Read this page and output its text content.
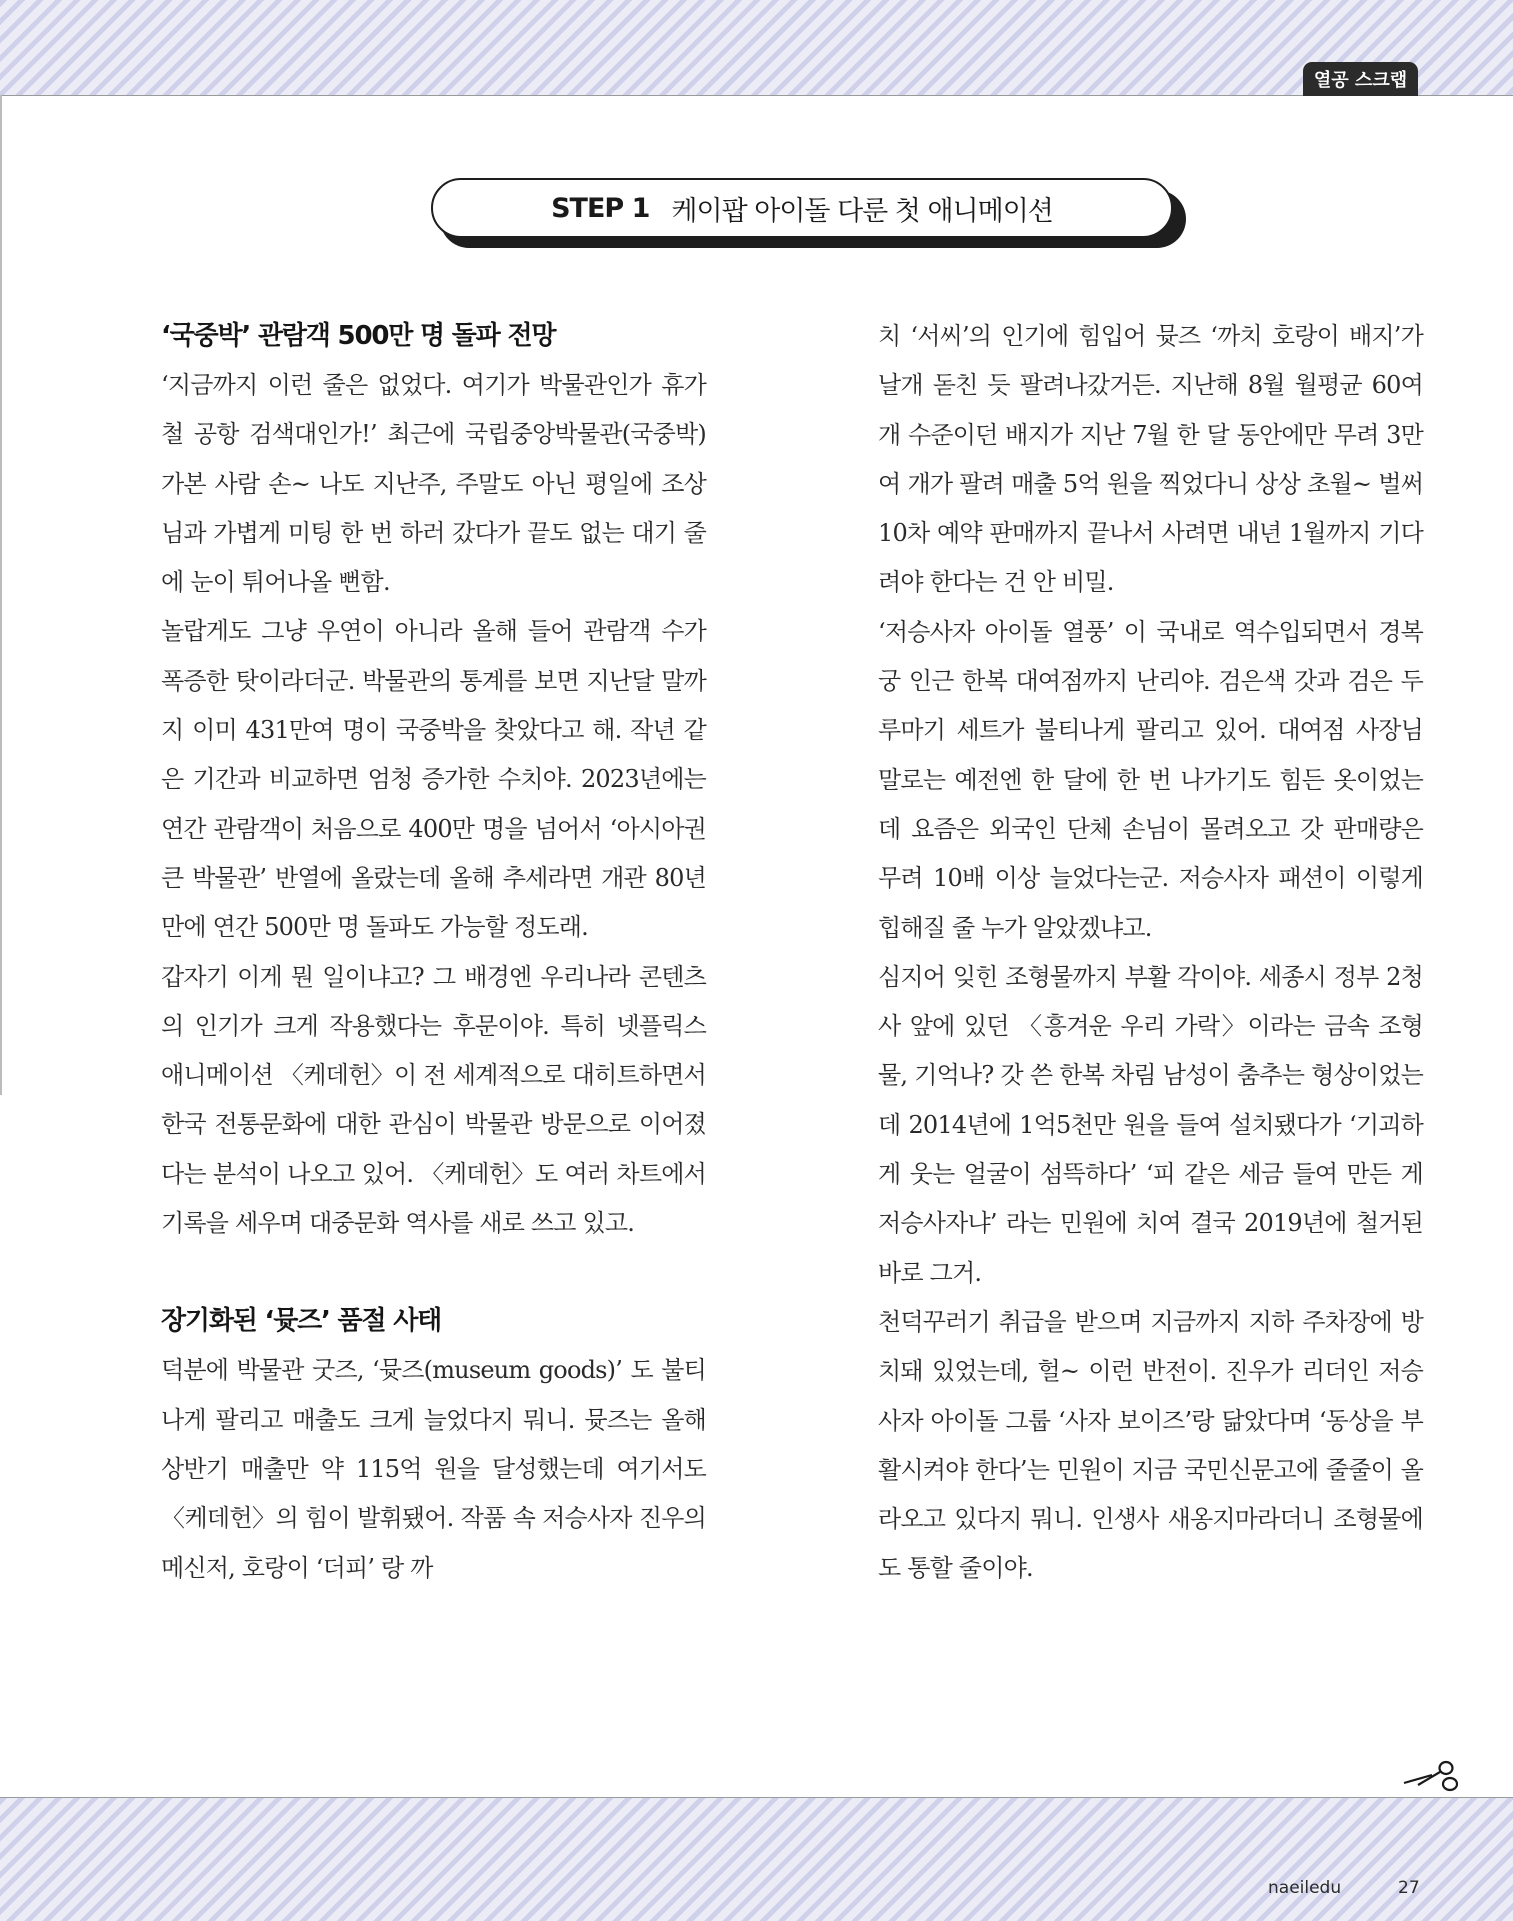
열공 스크랩
STEP 1 케이팝 아이돌 다룬 첫 애니메이션
‘국중박’ 관람객 500만 명 돌파 전망
‘지금까지 이런 줄은 없었다. 여기가 박물관인가 휴가철 공항 검색대인가!’ 최근에 국립중앙박물관(국중박) 가본 사람 손~ 나도 지난주, 주말도 아닌 평일에 조상님과 가볍게 미팅 한 번 하러 갔다가 끝도 없는 대기 줄에 눈이 튀어나올 뻔함.
놀랍게도 그냥 우연이 아니라 올해 들어 관람객 수가 폭증한 탓이라더군. 박물관의 통계를 보면 지난달 말까지 이미 431만여 명이 국중박을 찾았다고 해. 작년 같은 기간과 비교하면 엄청 증가한 수치야. 2023년에는 연간 관람객이 처음으로 400만 명을 넘어서 ‘아시아권 큰 박물관’ 반열에 올랐는데 올해 추세라면 개관 80년 만에 연간 500만 명 돌파도 가능할 정도래.
갑자기 이게 뭔 일이냐고? 그 배경엔 우리나라 콘텐츠의 인기가 크게 작용했다는 후문이야. 특히 넷플릭스 애니메이션 〈케데헌〉이 전 세계적으로 대히트하면서 한국 전통문화에 대한 관심이 박물관 방문으로 이어졌다는 분석이 나오고 있어. 〈케데헌〉도 여러 차트에서 기록을 세우며 대중문화 역사를 새로 쓰고 있고.
장기화된 ‘뮷즈’ 품절 사태
덕분에 박물관 굿즈, ‘뮷즈(museum goods)’ 도 불티나게 팔리고 매출도 크게 늘었다지 뭐니. 뮷즈는 올해 상반기 매출만 약 115억 원을 달성했는데 여기서도 〈케데헌〉의 힘이 발휘됐어. 작품 속 저승사자 진우의 메신저, 호랑이 ‘더피’ 랑 까
치 ‘서씨’의 인기에 힘입어 뮷즈 ‘까치 호랑이 배지’가 날개 돋친 듯 팔려나갔거든. 지난해 8월 월평균 60여 개 수준이던 배지가 지난 7월 한 달 동안에만 무려 3만여 개가 팔려 매출 5억 원을 찍었다니 상상 초월~ 벌써 10차 예약 판매까지 끝나서 사려면 내년 1월까지 기다려야 한다는 건 안 비밀.
‘저승사자 아이돌 열풍’ 이 국내로 역수입되면서 경복궁 인근 한복 대여점까지 난리야. 검은색 갓과 검은 두루마기 세트가 불티나게 팔리고 있어. 대여점 사장님 말로는 예전엔 한 달에 한 번 나가기도 힘든 옷이었는데 요즘은 외국인 단체 손님이 몰려오고 갓 판매량은 무려 10배 이상 늘었다는군. 저승사자 패션이 이렇게 힙해질 줄 누가 알았겠냐고.
심지어 잊힌 조형물까지 부활 각이야. 세종시 정부 2청사 앞에 있던 〈흥겨운 우리 가락〉이라는 금속 조형물, 기억나? 갓 쓴 한복 차림 남성이 춤추는 형상이었는데 2014년에 1억5천만 원을 들여 설치됐다가 ‘기괴하게 웃는 얼굴이 섬뜩하다’ ‘피 같은 세금 들여 만든 게 저승사자냐’ 라는 민원에 치여 결국 2019년에 철거된 바로 그거.
천덕꾸러기 취급을 받으며 지금까지 지하 주차장에 방치돼 있었는데, 헐~ 이런 반전이. 진우가 리더인 저승사자 아이돌 그룹 ‘사자 보이즈’랑 닮았다며 ‘동상을 부활시켜야 한다’는 민원이 지금 국민신문고에 줄줄이 올라오고 있다지 뭐니. 인생사 새옹지마라더니 조형물에도 통할 줄이야.
naeiledu	27
